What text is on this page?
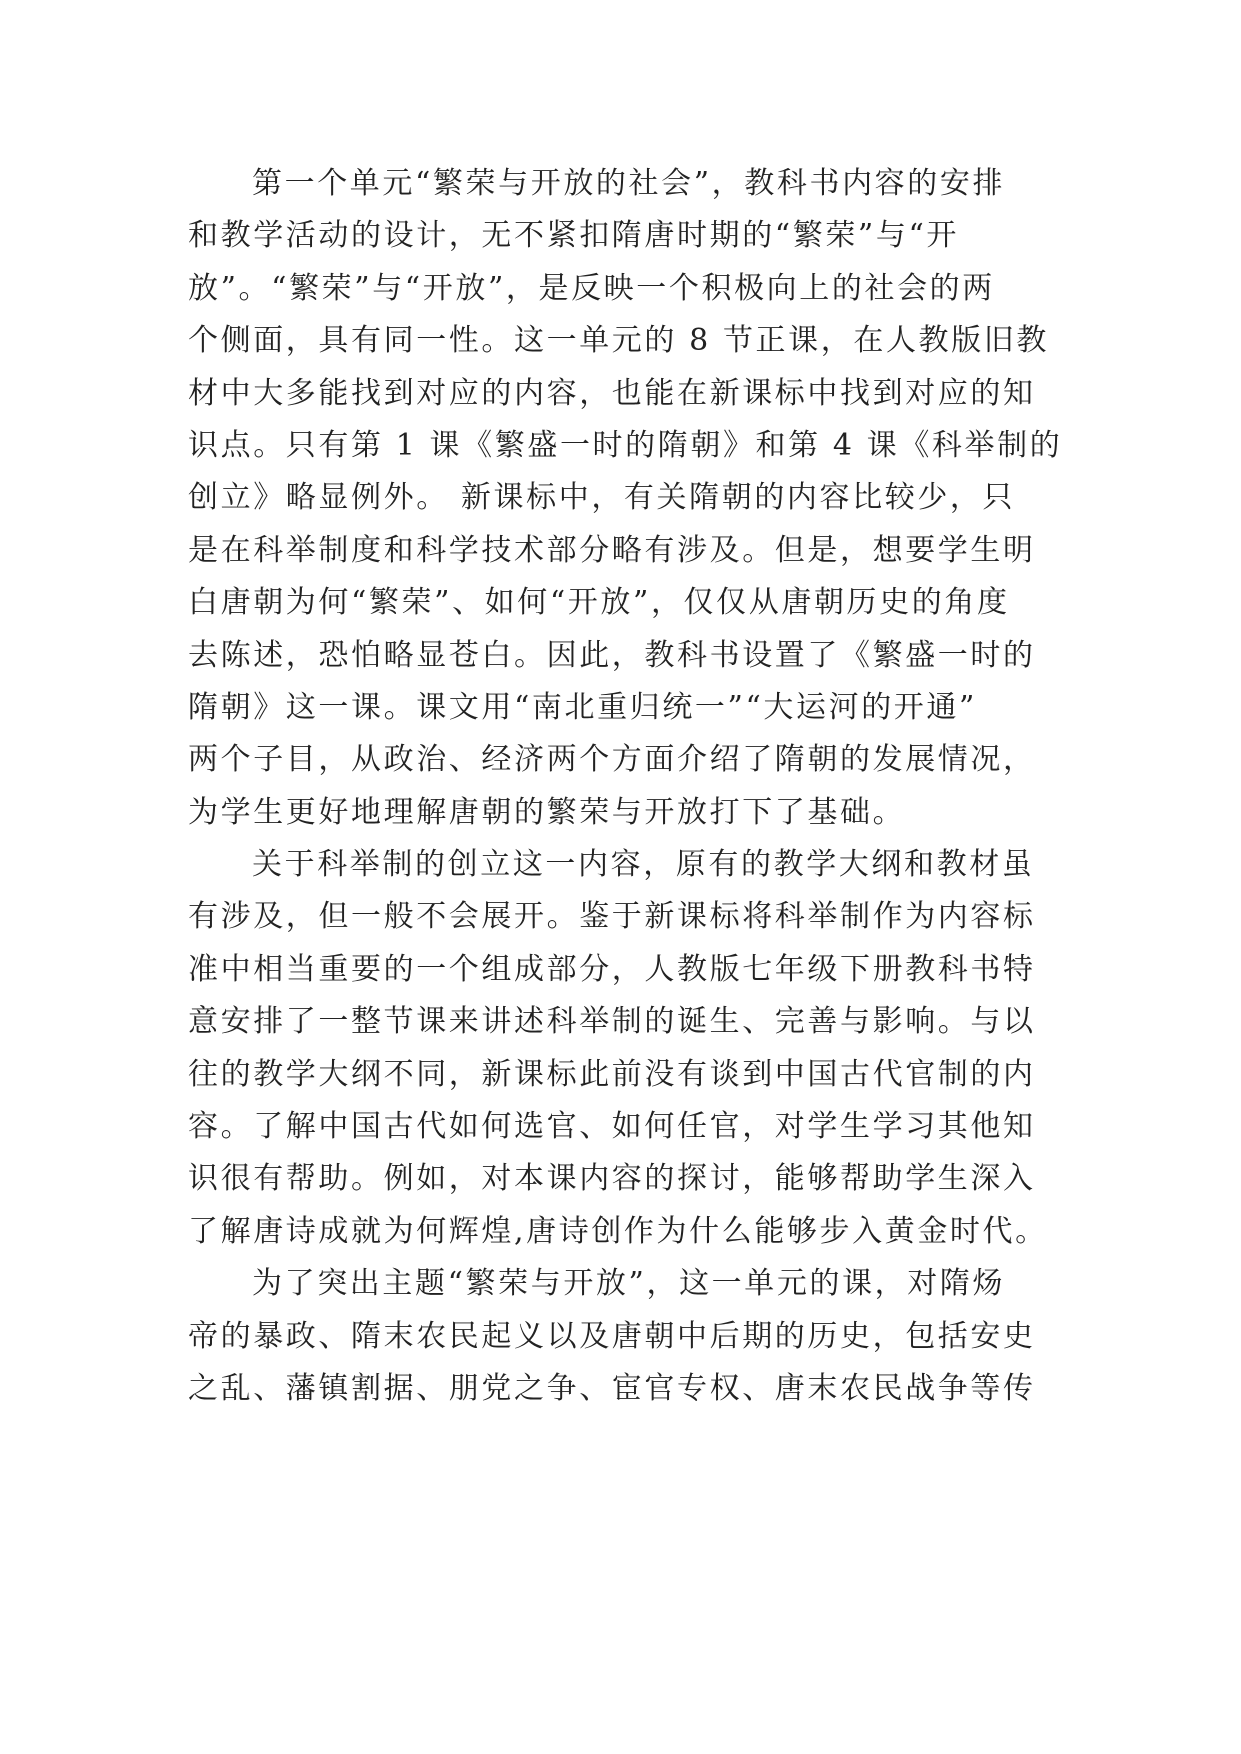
第一个单元“繁荣与开放的社会”，教科书内容的安排
和教学活动的设计，无不紧扣隋唐时期的“繁荣”与“开
放”。“繁荣”与“开放”，是反映一个积极向上的社会的两
个侧面，具有同一性。这一单元的 8 节正课，在人教版旧教
材中大多能找到对应的内容，也能在新课标中找到对应的知
识点。只有第 1 课《繁盛一时的隋朝》和第 4 课《科举制的
创立》略显例外。 新课标中，有关隋朝的内容比较少，只
是在科举制度和科学技术部分略有涉及。但是，想要学生明
白唐朝为何“繁荣”、如何“开放”，仅仅从唐朝历史的角度
去陈述，恐怕略显苍白。因此，教科书设置了《繁盛一时的
隋朝》这一课。课文用“南北重归统一”“大运河的开通”
两个子目，从政治、经济两个方面介绍了隋朝的发展情况，
为学生更好地理解唐朝的繁荣与开放打下了基础。
关于科举制的创立这一内容，原有的教学大纲和教材虽
有涉及，但一般不会展开。鉴于新课标将科举制作为内容标
准中相当重要的一个组成部分，人教版七年级下册教科书特
意安排了一整节课来讲述科举制的诞生、完善与影响。与以
往的教学大纲不同，新课标此前没有谈到中国古代官制的内
容。了解中国古代如何选官、如何任官，对学生学习其他知
识很有帮助。例如，对本课内容的探讨，能够帮助学生深入
了解唐诗成就为何辉煌,唐诗创作为什么能够步入黄金时代。
为了突出主题“繁荣与开放”，这一单元的课，对隋炀
帝的暴政、隋末农民起义以及唐朝中后期的历史，包括安史
之乱、藩镇割据、朋党之争、宦官专权、唐末农民战争等传
